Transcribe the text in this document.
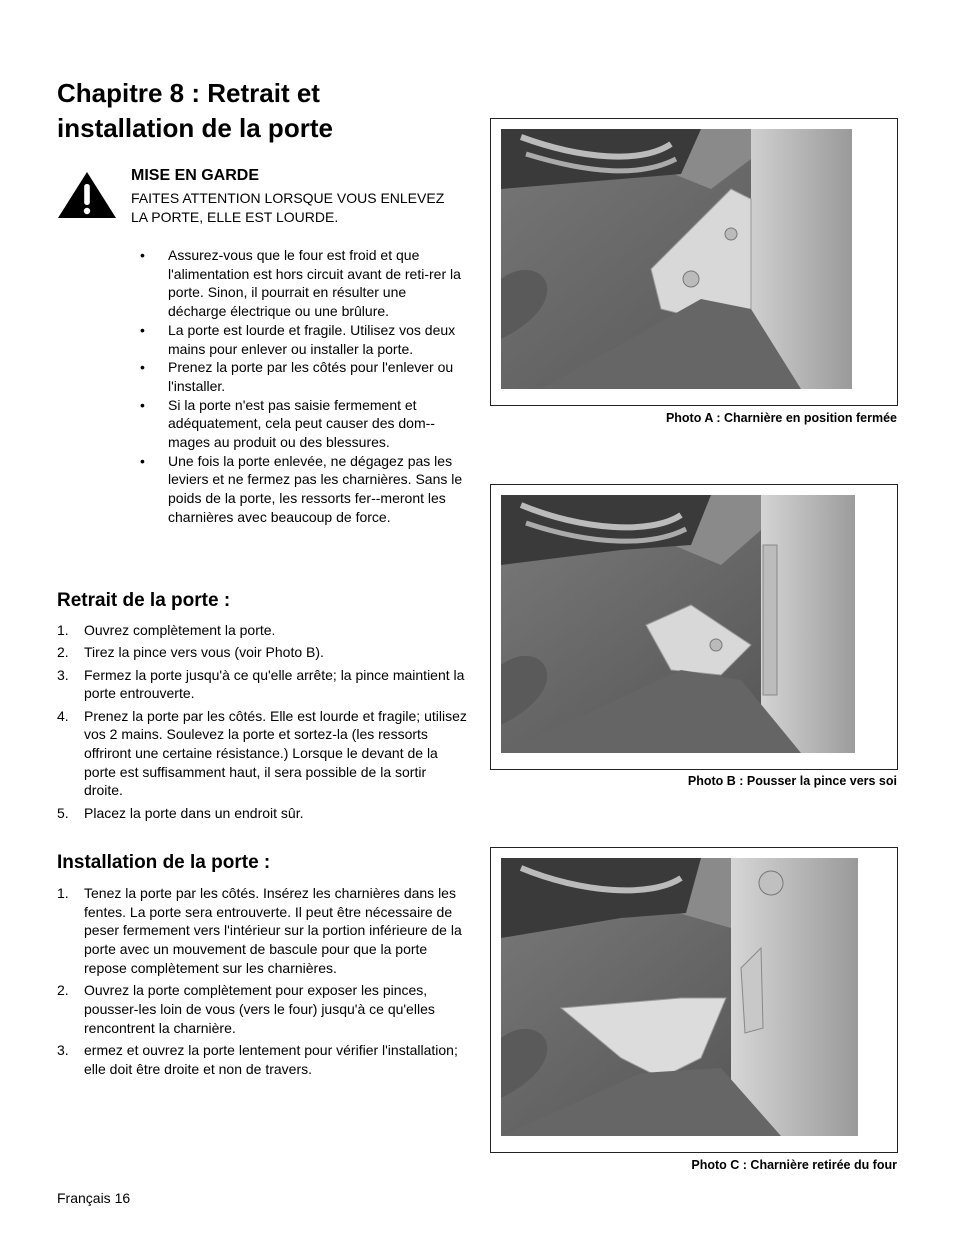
Chapitre 8 : Retrait et installation de la porte
MISE EN GARDE
FAITES ATTENTION LORSQUE VOUS ENLEVEZ LA PORTE, ELLE EST LOURDE.
• Assurez-vous que le four est froid et que l'alimentation est hors circuit avant de reti-rer la porte. Sinon, il pourrait en résulter une décharge électrique ou une brûlure.
• La porte est lourde et fragile. Utilisez vos deux mains pour enlever ou installer la porte.
• Prenez la porte par les côtés pour l'enlever ou l'installer.
• Si la porte n'est pas saisie fermement et adéquatement, cela peut causer des dom--mages au produit ou des blessures.
• Une fois la porte enlevée, ne dégagez pas les leviers et ne fermez pas les charnières. Sans le poids de la porte, les ressorts fer--meront les charnières avec beaucoup de force.
Retrait de la porte :
1. Ouvrez complètement la porte.
2. Tirez la pince vers vous (voir Photo B).
3. Fermez la porte jusqu'à ce qu'elle arrête; la pince maintient la porte entrouverte.
4. Prenez la porte par les côtés. Elle est lourde et fragile; utilisez vos 2 mains. Soulevez la porte et sortez-la (les ressorts offriront une certaine résistance.) Lorsque le devant de la porte est suffisamment haut, il sera possible de la sortir droite.
5. Placez la porte dans un endroit sûr.
Installation de la porte :
1. Tenez la porte par les côtés. Insérez les charnières dans les fentes. La porte sera entrouverte. Il peut être nécessaire de peser fermement vers l'intérieur sur la portion inférieure de la porte avec un mouvement de bascule pour que la porte repose complètement sur les charnières.
2. Ouvrez la porte complètement pour exposer les pinces, pousser-les loin de vous (vers le four) jusqu'à ce qu'elles rencontrent la charnière.
3. ermez et ouvrez la porte lentement pour vérifier l'installation; elle doit être droite et non de travers.
Photo A : Charnière en position fermée
Photo B : Pousser la pince vers soi
Photo C : Charnière retirée du four
Français 16
